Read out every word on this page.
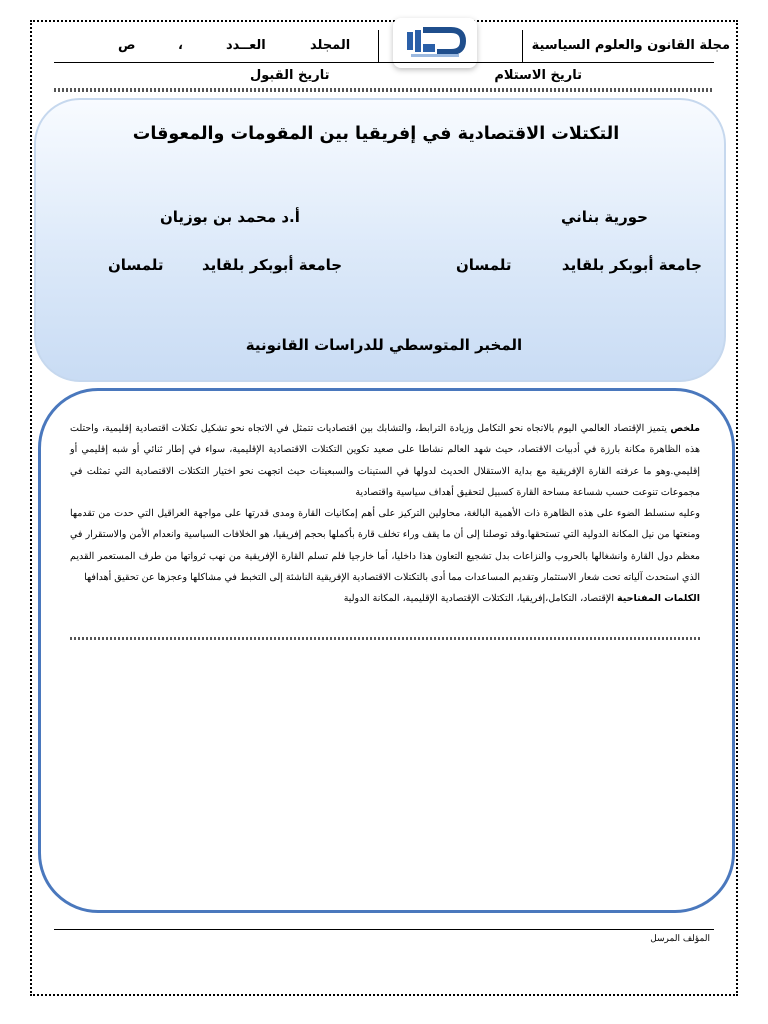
مجلة القانون والعلوم السياسية
المجلد
العــدد
،
ص
تاريخ الاستلام
تاريخ القبول
التكتلات الاقتصادية في إفريقيا بين المقومات والمعوقات
حورية بناني
أ.د محمد بن بوزيان
جامعة أبوبكر بلقايد
تلمسان
جامعة أبوبكر بلقايد
تلمسان
المخبر المتوسطي للدراسات القانونية

ملخص يتميز الإقتصاد العالمي اليوم بالاتجاه نحو التكامل وزيادة الترابط، والتشابك بين اقتصاديات تتمثل في الاتجاه نحو تشكيل تكتلات اقتصادية إقليمية، واحتلت هذه الظاهرة مكانة بارزة في أدبيات الاقتصاد، حيث شهد العالم نشاطا على صعيد تكوين التكتلات الاقتصادية الإقليمية، سواء في إطار ثنائي أو شبه إقليمي أو إقليمي.وهو ما عرفته القارة الإفريقية مع بداية الاستقلال الحديث لدولها في الستينات والسبعينات حيث اتجهت نحو اختيار التكتلات الاقتصادية التي تمثلت في مجموعات تنوعت حسب شساعة مساحة القارة كسبيل لتحقيق أهداف سياسية واقتصادية

وعليه سنسلط الضوء على هذه الظاهرة ذات الأهمية البالغة، محاولين التركيز على أهم إمكانيات القارة ومدى قدرتها على مواجهة العراقيل التي حدت من تقدمها ومنعتها من نيل المكانة الدولية التي تستحقها.وقد توصلنا إلى أن ما يقف وراء تخلف قارة بأكملها بحجم إفريقيا، هو الخلافات السياسية وانعدام الأمن والاستقرار في معظم دول القارة وانشغالها بالحروب والنزاعات بدل تشجيع التعاون هذا داخليا، أما خارجيا فلم تسلم القارة الإفريقية من نهب ثرواتها من طرف المستعمر القديم الذي استحدث آلياته تحت شعار الاستثمار وتقديم المساعدات مما أدى بالتكتلات الاقتصادية الإفريقية الناشئة إلى التخبط في مشاكلها وعجزها عن تحقيق أهدافها

الكلمات المفتاحية الإقتصاد، التكامل،إفريقيا، التكتلات الإقتصادية الإقليمية، المكانة الدولية

المؤلف المرسل
